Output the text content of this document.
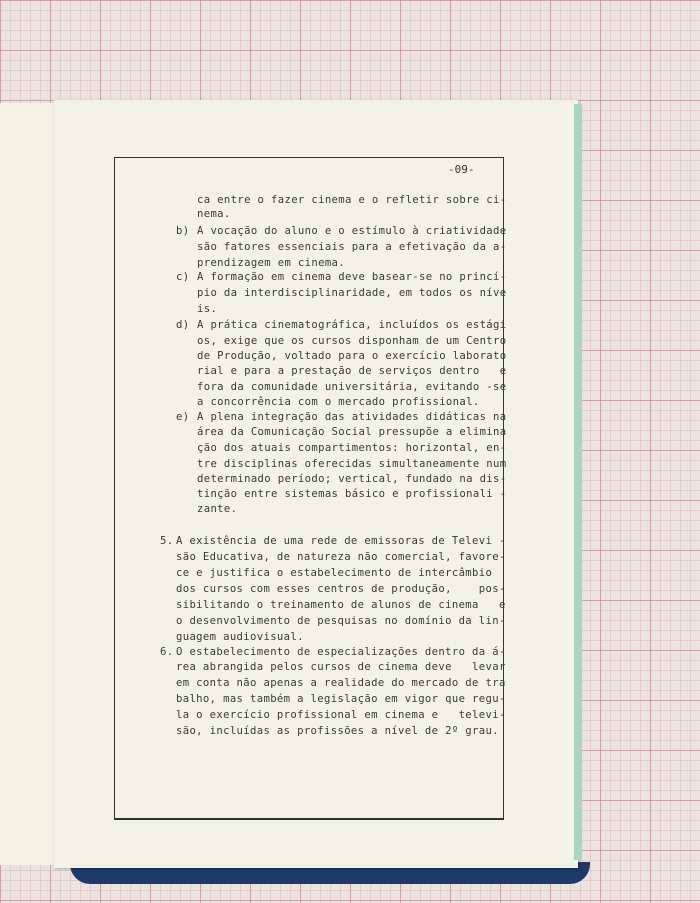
-09-
ca entre o fazer cinema e o refletir sobre ci-
nema.
b) A vocação do aluno e o estímulo à criatividade
são fatores essenciais para a efetivação da a-
prendizagem em cinema.
c) A formação em cinema deve basear-se no princí-
pio da interdisciplinaridade, em todos os níve
is.
d) A prática cinematográfica, incluídos os estági
os, exige que os cursos disponham de um Centro
de Produção, voltado para o exercício laborato
rial e para a prestação de serviços dentro   e
fora da comunidade universitária, evitando -se
a concorrência com o mercado profissional.
e) A plena integração das atividades didáticas na
área da Comunicação Social pressupõe a elimina
ção dos atuais compartimentos: horizontal, en-
tre disciplinas oferecidas simultaneamente num
determinado período; vertical, fundado na dis-
tinção entre sistemas básico e profissionali -
zante.
5. A existência de uma rede de emissoras de Televi -
são Educativa, de natureza não comercial, favore-
ce e justifica o estabelecimento de intercâmbio
dos cursos com esses centros de produção,    pos-
sibilitando o treinamento de alunos de cinema   e
o desenvolvimento de pesquisas no domínio da lin-
guagem audiovisual.
6. O estabelecimento de especializações dentro da á-
rea abrangida pelos cursos de cinema deve   levar
em conta não apenas a realidade do mercado de tra
balho, mas também a legislação em vigor que regu-
la o exercício profissional em cinema e   televi-
são, incluídas as profissões a nível de 2º grau.
